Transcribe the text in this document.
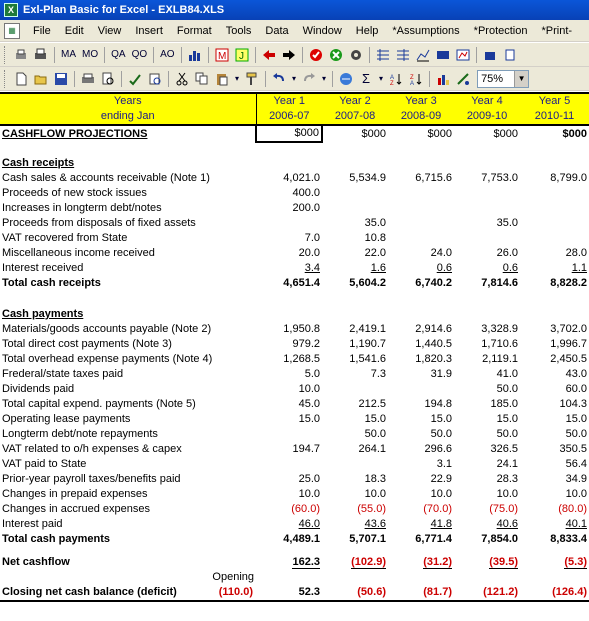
X Exl-Plan Basic for Excel - EXLB84.XLS
▦	File	Edit	View	Insert	Format	Tools	Data	Window	Help	*Assumptions	*Protection	*Print-
MA MO QA QO AO	M J
▾	▾	▾	Σ	▾	A
Z
Z
A	75%	▼
Years	Year 1	Year 2	Year 3	Year 4	Year 5
ending Jan	2006-07	2007-08	2008-09	2009-10	2010-11
CASHFLOW PROJECTIONS	$000	$000	$000	$000	$000

Cash receipts					
Cash sales & accounts receivable (Note 1)	4,021.0	5,534.9	6,715.6	7,753.0	8,799.0
Proceeds of new stock issues	400.0				
Increases in longterm debt/notes	200.0				
Proceeds from disposals of fixed assets		35.0		35.0	
VAT recovered from State	7.0	10.8			
Miscellaneous income received	20.0	22.0	24.0	26.0	28.0
Interest received	3.4	1.6	0.6	0.6	1.1
Total cash receipts	4,651.4	5,604.2	6,740.2	7,814.6	8,828.2

Cash payments					
Materials/goods accounts payable (Note 2)	1,950.8	2,419.1	2,914.6	3,328.9	3,702.0
Total direct cost payments (Note 3)	979.2	1,190.7	1,440.5	1,710.6	1,996.7
Total overhead expense payments (Note 4)	1,268.5	1,541.6	1,820.3	2,119.1	2,450.5
Frederal/state taxes paid	5.0	7.3	31.9	41.0	43.0
Dividends paid	10.0			50.0	60.0
Total capital expend. payments (Note 5)	45.0	212.5	194.8	185.0	104.3
Operating lease payments	15.0	15.0	15.0	15.0	15.0
Longterm debt/note repayments		50.0	50.0	50.0	50.0
VAT related to o/h expenses & capex	194.7	264.1	296.6	326.5	350.5
VAT paid to State			3.1	24.1	56.4
Prior-year payroll taxes/benefits paid	25.0	18.3	22.9	28.3	34.9
Changes in prepaid expenses	10.0	10.0	10.0	10.0	10.0
Changes in accrued expenses	(60.0)	(55.0)	(70.0)	(75.0)	(80.0)
Interest paid	46.0	43.6	41.8	40.6	40.1
Total cash payments	4,489.1	5,707.1	6,771.4	7,854.0	8,833.4

Net cashflow	162.3	(102.9)	(31.2)	(39.5)	(5.3)
Opening					
Closing net cash balance (deficit) (110.0)	52.3	(50.6)	(81.7)	(121.2)	(126.4)
